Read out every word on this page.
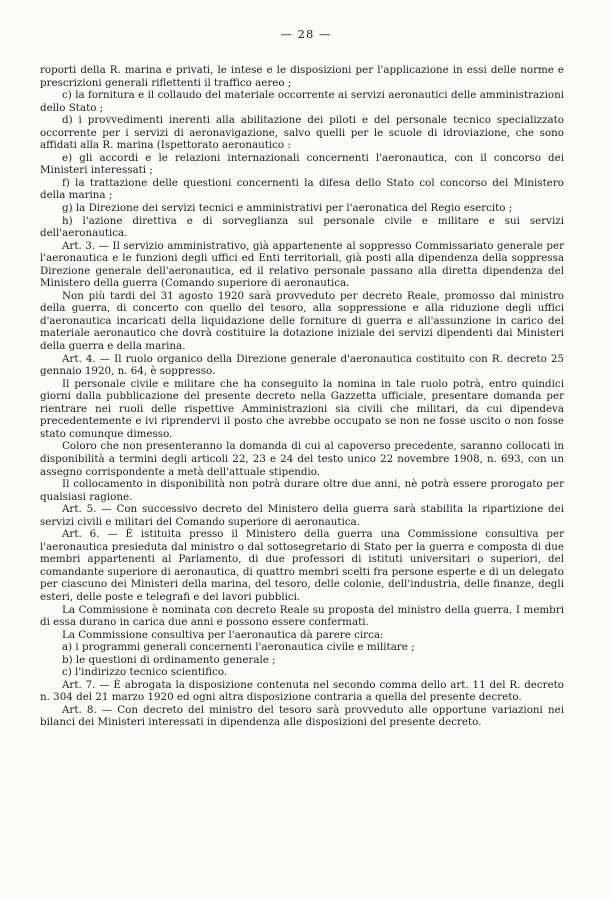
— 28 —

roporti della R. marina e privati, le intese e le disposizioni per l'applicazione in essi delle norme e prescrizioni generali riflettenti il traffico aereo ;

c) la fornitura e il collaudo del materiale occorrente ai servizi aeronautici delle amministrazioni dello Stato ;

d) i provvedimenti inerenti alla abilitazione dei piloti e del personale tecnico specializzato occorrente per i servizi di aeronavigazione, salvo quelli per le scuole di idroviazione, che sono affidati alla R. marina (Ispettorato aeronautico :

e) gli accordi e le relazioni internazionali concernenti l'aeronautica, con il concorso dei Ministeri interessati ;

f) la trattazione delle questioni concernenti la difesa dello Stato col concorso del Ministero della marina ;

g) la Direzione dei servizi tecnici e amministrativi per l'aeronatica del Regio esercito ;

h) l'azione direttiva e di sorveglianza sul personale civile e militare e sui servizi dell'aeronautica.

Art. 3. — Il servizio amministrativo, già appartenente al soppresso Commissariato generale per l'aeronautica e le funzioni degli uffici ed Enti territoriali, già posti alla dipendenza della soppressa Direzione generale dell'aeronautica, ed il relativo personale passano alla diretta dipendenza del Ministero della guerra (Comando superiore di aeronautica.

Non più tardi del 31 agosto 1920 sarà provveduto per decreto Reale, promosso dal ministro della guerra, di concerto con quello del tesoro, alla soppressione e alla riduzione degli uffici d'aeronautica incaricati della liquidazione delle forniture di guerra e all'assunzione in carico del materiale aeronautico che dovrà costituire la dotazione iniziale dei servizi dipendenti dai Ministeri della guerra e della marina.

Art. 4. — Il ruolo organico della Direzione generale d'aeronautica costituito con R. decreto 25 gennaio 1920, n. 64, è soppresso.

Il personale civile e militare che ha conseguito la nomina in tale ruolo potrà, entro quindici giorni dalla pubblicazione del presente decreto nella Gazzetta ufficiale, presentare domanda per rientrare nei ruoli delle rispettive Amministrazioni sia civili che militari, da cui dipendeva precedentemente e ivi riprendervi il posto che avrebbe occupato se non ne fosse uscito o non fosse stato comunque dimesso.

Coloro che non presenteranno la domanda di cui al capoverso precedente, saranno collocati in disponibilità a termini degli articoli 22, 23 e 24 del testo unico 22 novembre 1908, n. 693, con un assegno corrispondente a metà dell'attuale stipendio.

Il collocamento in disponibilità non potrà durare oltre due anni, nè potrà essere prorogato per qualsiasi ragione.

Art. 5. — Con successivo decreto del Ministero della guerra sarà stabilita la ripartizione dei servizi civili e militari del Comando superiore di aeronautica.

Art. 6. — È istituita presso il Ministero della guerra una Commissione consultiva per l'aeronautica presieduta dal ministro o dal sottosegretario di Stato per la guerra e composta di due membri appartenenti al Parlamento, di due professori di istituti universitari o superiori, del comandante superiore di aeronautica, di quattro membri scelti fra persone esperte e di un delegato per ciascuno dei Ministeri della marina, del tesoro, delle colonie, dell'industria, delle finanze, degli esteri, delle poste e telegrafi e dei lavori pubblici.

La Commissione è nominata con decreto Reale su proposta del ministro della guerra. I membri di essa durano in carica due anni e possono essere confermati.

La Commissione consultiva per l'aeronautica dà parere circa:

a) i programmi generali concernenti l'aeronautica civile e militare ;

b) le questioni di ordinamento generale ;

c) l'indirizzo tecnico scientifico.

Art. 7. — È abrogata la disposizione contenuta nel secondo comma dello art. 11 del R. decreto n. 304 del 21 marzo 1920 ed ogni altra disposizione contraria a quella del presente decreto.

Art. 8. — Con decreto del ministro del tesoro sarà provveduto alle opportune variazioni nei bilanci dei Ministeri interessati in dipendenza alle disposizioni del presente decreto.
